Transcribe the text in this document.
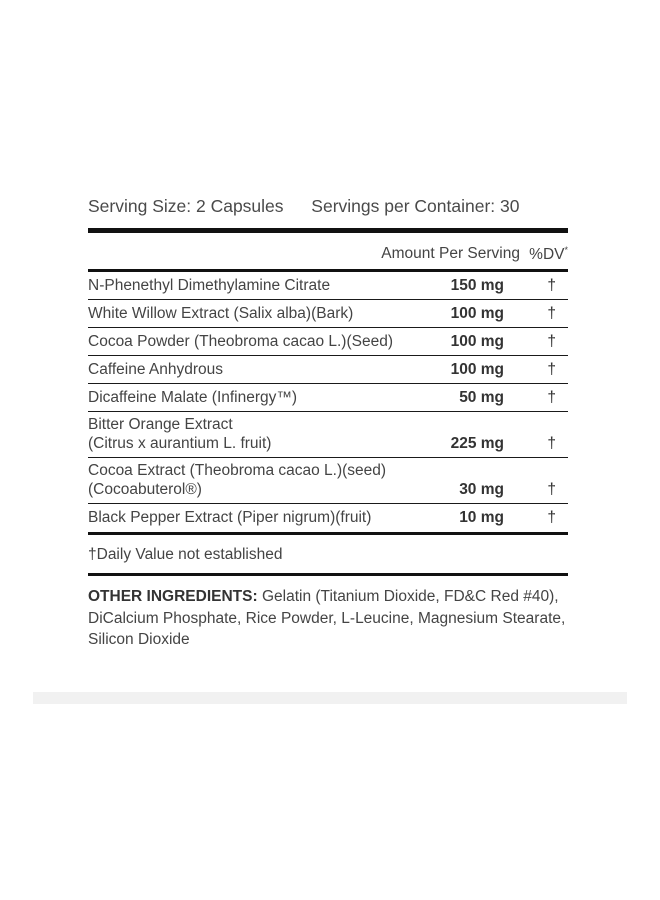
Serving Size: 2 Capsules Servings per Container: 30
Amount Per Serving %DV*
N-Phenethyl Dimethylamine Citrate	150 mg	†
White Willow Extract (Salix alba)(Bark)	100 mg	†
Cocoa Powder (Theobroma cacao L.)(Seed)	100 mg	†
Caffeine Anhydrous	100 mg	†
Dicaffeine Malate (Infinergy™)	50 mg	†
Bitter Orange Extract
(Citrus x aurantium L. fruit)	225 mg	†
Cocoa Extract (Theobroma cacao L.)(seed)
(Cocoabuterol®)	30 mg	†
Black Pepper Extract (Piper nigrum)(fruit)	10 mg	†
†Daily Value not established
OTHER INGREDIENTS: Gelatin (Titanium Dioxide, FD&C Red #40), DiCalcium Phosphate, Rice Powder, L-Leucine, Magnesium Stearate, Silicon Dioxide
